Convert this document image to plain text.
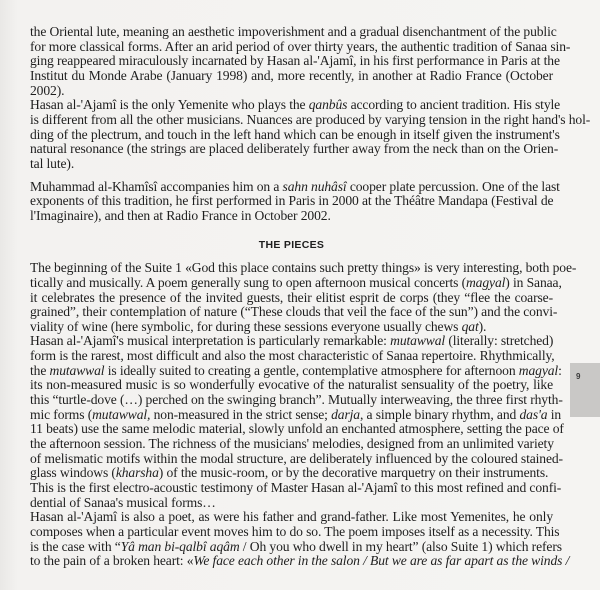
the Oriental lute, meaning an aesthetic impoverishment and a gradual disenchantment of the public
for more classical forms. After an arid period of over thirty years, the authentic tradition of Sanaa sin-
ging reappeared miraculously incarnated by Hasan al-'Ajamî, in his first performance in Paris at the
Institut du Monde Arabe (January 1998) and, more recently, in another at Radio France (October
2002).

Hasan al-'Ajamî is the only Yemenite who plays the qanbûs according to ancient tradition. His style
is different from all the other musicians. Nuances are produced by varying tension in the right hand's hol-
ding of the plectrum, and touch in the left hand which can be enough in itself given the instrument's
natural resonance (the strings are placed deliberately further away from the neck than on the Orien-
tal lute).

Muhammad al-Khamîsî accompanies him on a sahn nuhâsî cooper plate percussion. One of the last
exponents of this tradition, he first performed in Paris in 2000 at the Théâtre Mandapa (Festival de
l'Imaginaire), and then at Radio France in October 2002.

THE PIECES

The beginning of the Suite 1 «God this place contains such pretty things» is very interesting, both poe-
tically and musically. A poem generally sung to open afternoon musical concerts (magyal) in Sanaa,
it celebrates the presence of the invited guests, their elitist esprit de corps (they “flee the coarse-
grained”, their contemplation of nature (“These clouds that veil the face of the sun”) and the convi-
viality of wine (here symbolic, for during these sessions everyone usually chews qat).

Hasan al-'Ajamî's musical interpretation is particularly remarkable: mutawwal (literally: stretched)
form is the rarest, most difficult and also the most characteristic of Sanaa repertoire. Rhythmically,
the mutawwal is ideally suited to creating a gentle, contemplative atmosphere for afternoon magyal:
its non-measured music is so wonderfully evocative of the naturalist sensuality of the poetry, like
this “turtle-dove (…) perched on the swinging branch”. Mutually interweaving, the three first rhyth-
mic forms (mutawwal, non-measured in the strict sense; darja, a simple binary rhythm, and das'a in
11 beats) use the same melodic material, slowly unfold an enchanted atmosphere, setting the pace of
the afternoon session. The richness of the musicians' melodies, designed from an unlimited variety
of melismatic motifs within the modal structure, are deliberately influenced by the coloured stained-
glass windows (kharsha) of the music-room, or by the decorative marquetry on their instruments.
This is the first electro-acoustic testimony of Master Hasan al-'Ajamî to this most refined and confi-
dential of Sanaa's musical forms…

Hasan al-'Ajamî is also a poet, as were his father and grand-father. Like most Yemenites, he only
composes when a particular event moves him to do so. The poem imposes itself as a necessity. This
is the case with “Yâ man bi-qalbî aqâm / Oh you who dwell in my heart” (also Suite 1) which refers
to the pain of a broken heart: «We face each other in the salon / But we are as far apart as the winds /

9
